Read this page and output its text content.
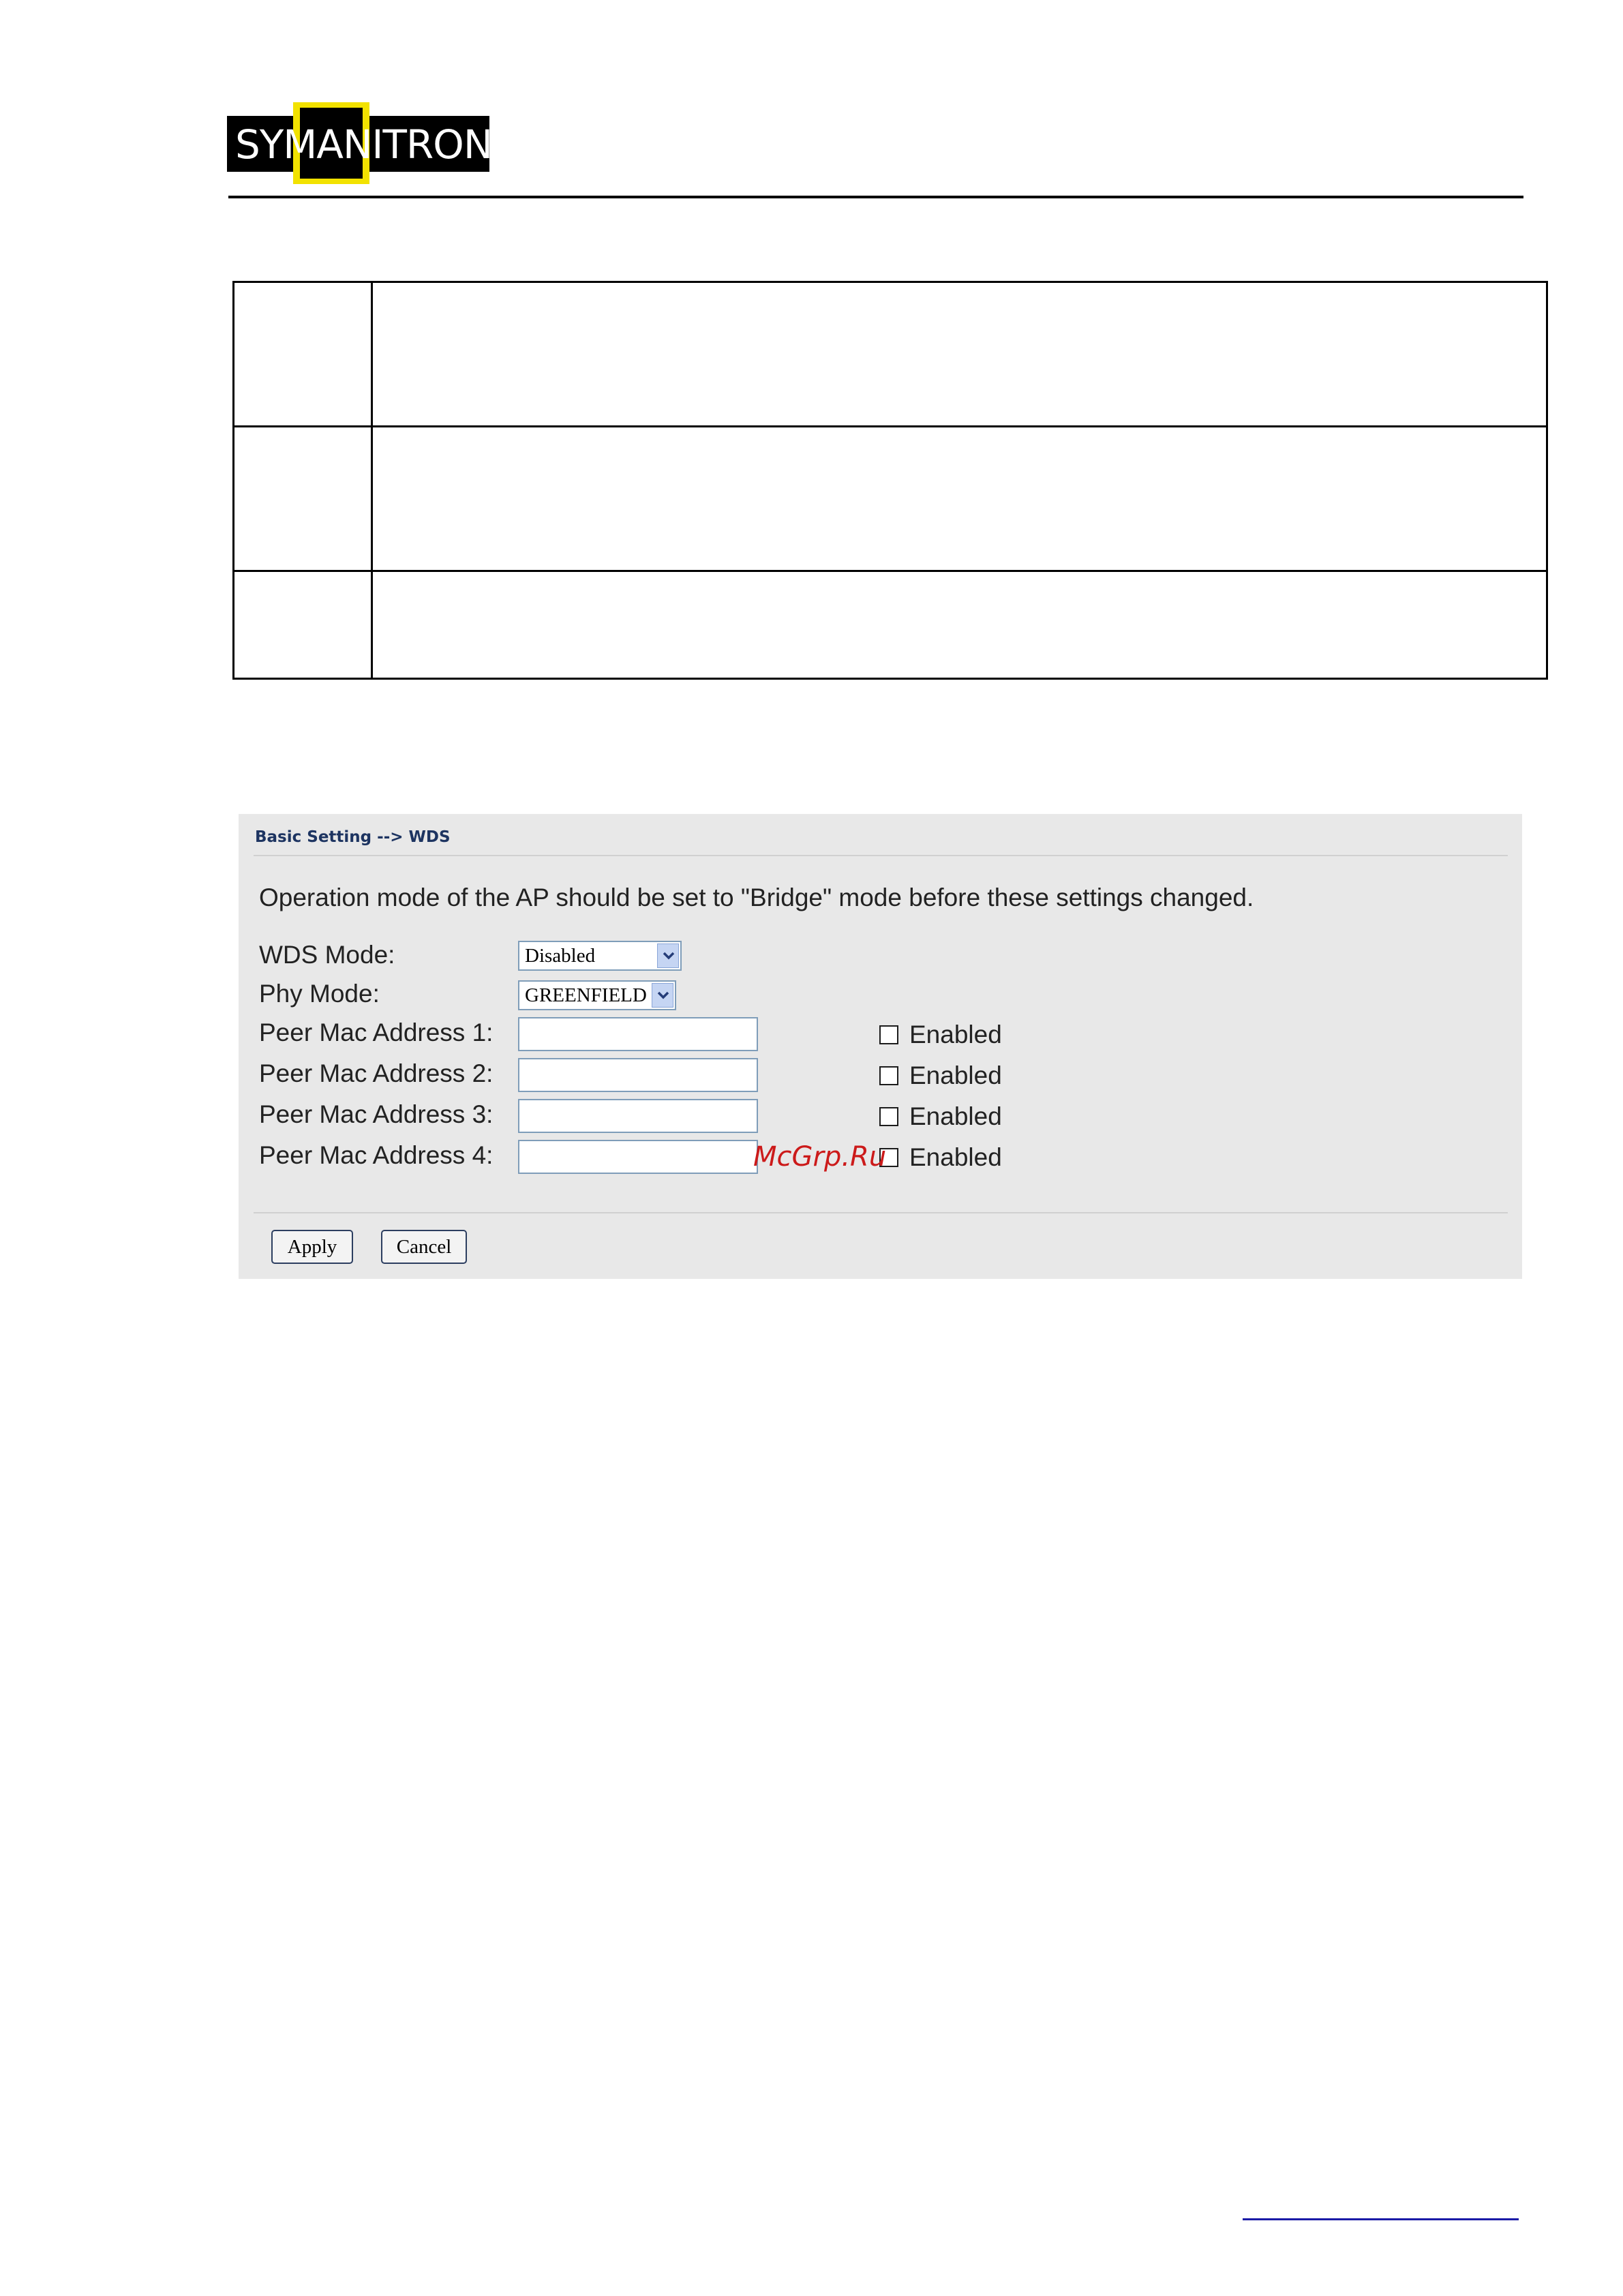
SYMANITRON

Basic Setting --> WDS
Operation mode of the AP should be set to "Bridge" mode before these settings changed.
WDS Mode:	Disabled
Phy Mode:	GREENFIELD
Peer Mac Address 1:	Enabled
Peer Mac Address 2:	Enabled
Peer Mac Address 3:	Enabled
Peer Mac Address 4:	Enabled
Apply	Cancel
McGrp.Ru
